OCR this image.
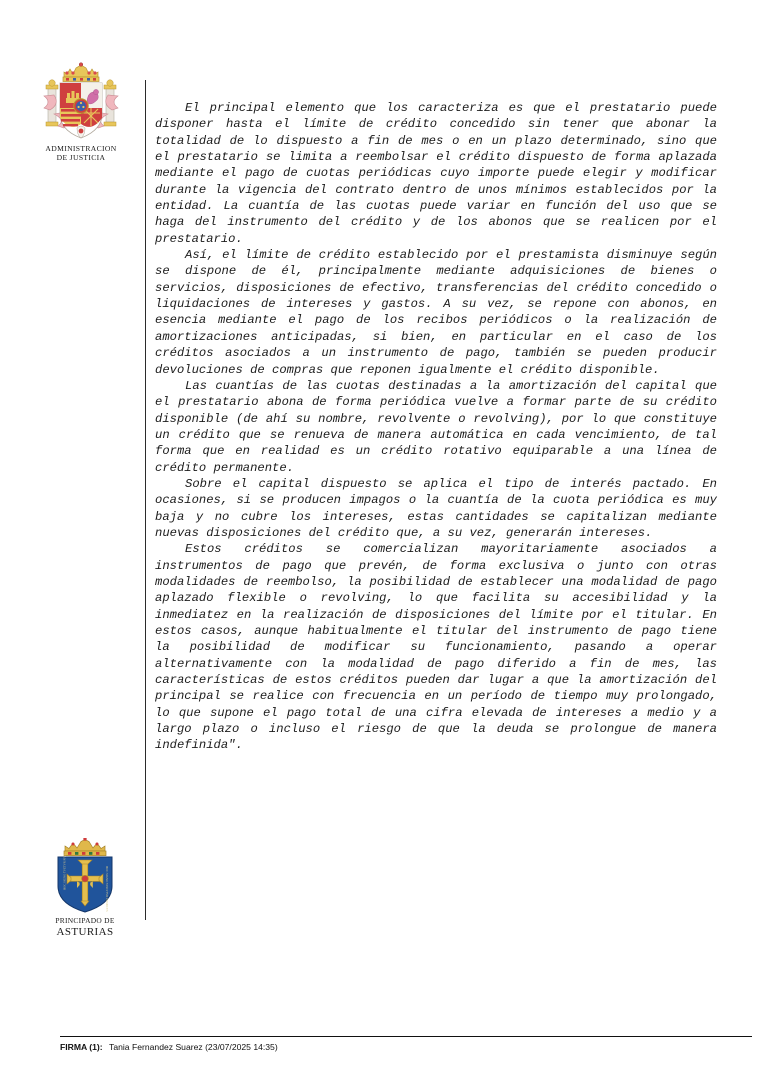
ADMINISTRACION
DE JUSTICIA
HOC SIGNO TVETVR PIVS	HOC SIGNO VINCITVR INIMICVS
PRINCIPADO DE
ASTURIAS

El principal elemento que los caracteriza es que el prestatario puede disponer hasta el límite de crédito concedido sin tener que abonar la totalidad de lo dispuesto a fin de mes o en un plazo determinado, sino que el prestatario se limita a reembolsar el crédito dispuesto de forma aplazada mediante el pago de cuotas periódicas cuyo importe puede elegir y modificar durante la vigencia del contrato dentro de unos mínimos establecidos por la entidad. La cuantía de las cuotas puede variar en función del uso que se haga del instrumento del crédito y de los abonos que se realicen por el prestatario.

Así, el límite de crédito establecido por el prestamista disminuye según se dispone de él, principalmente mediante adquisiciones de bienes o servicios, disposiciones de efectivo, transferencias del crédito concedido o liquidaciones de intereses y gastos. A su vez, se repone con abonos, en esencia mediante el pago de los recibos periódicos o la realización de amortizaciones anticipadas, si bien, en particular en el caso de los créditos asociados a un instrumento de pago, también se pueden producir devoluciones de compras que reponen igualmente el crédito disponible.

Las cuantías de las cuotas destinadas a la amortización del capital que el prestatario abona de forma periódica vuelve a formar parte de su crédito disponible (de ahí su nombre, revolvente o revolving), por lo que constituye un crédito que se renueva de manera automática en cada vencimiento, de tal forma que en realidad es un crédito rotativo equiparable a una línea de crédito permanente.

Sobre el capital dispuesto se aplica el tipo de interés pactado. En ocasiones, si se producen impagos o la cuantía de la cuota periódica es muy baja y no cubre los intereses, estas cantidades se capitalizan mediante nuevas disposiciones del crédito que, a su vez, generarán intereses.

Estos créditos se comercializan mayoritariamente asociados a instrumentos de pago que prevén, de forma exclusiva o junto con otras modalidades de reembolso, la posibilidad de establecer una modalidad de pago aplazado flexible o revolving, lo que facilita su accesibilidad y la inmediatez en la realización de disposiciones del límite por el titular. En estos casos, aunque habitualmente el titular del instrumento de pago tiene la posibilidad de modificar su funcionamiento, pasando a operar alternativamente con la modalidad de pago diferido a fin de mes, las características de estos créditos pueden dar lugar a que la amortización del principal se realice con frecuencia en un período de tiempo muy prolongado, lo que supone el pago total de una cifra elevada de intereses a medio y a largo plazo o incluso el riesgo de que la deuda se prolongue de manera indefinida".

FIRMA (1): Tania Fernandez Suarez (23/07/2025 14:35)
